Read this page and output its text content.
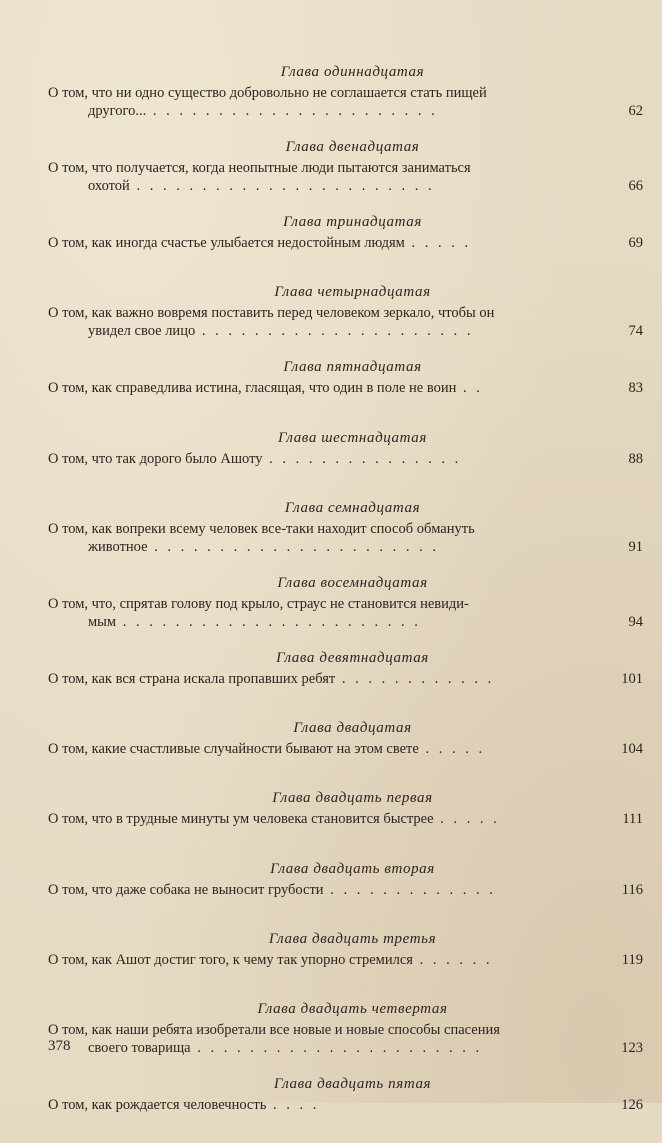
Глава одиннадцатая
О том, что ни одно существо добровольно не соглашается стать пищей
другого... . . . . . . . . . . . . . . . . . . . . . .	62
Глава двенадцатая
О том, что получается, когда неопытные люди пытаются заниматься
охотой . . . . . . . . . . . . . . . . . . . . . . .	66
Глава тринадцатая
О том, как иногда счастье улыбается недостойным людям . . . . .	69
Глава четырнадцатая
О том, как важно вовремя поставить перед человеком зеркало, чтобы он
увидел свое лицо . . . . . . . . . . . . . . . . . . . . .	74
Глава пятнадцатая
О том, как справедлива истина, гласящая, что один в поле не воин . .	83
Глава шестнадцатая
О том, что так дорого было Ашоту . . . . . . . . . . . . . . .	88
Глава семнадцатая
О том, как вопреки всему человек все-таки находит способ обмануть
животное . . . . . . . . . . . . . . . . . . . . . .	91
Глава восемнадцатая
О том, что, спрятав голову под крыло, страус не становится невиди-
мым . . . . . . . . . . . . . . . . . . . . . . .	94
Глава девятнадцатая
О том, как вся страна искала пропавших ребят . . . . . . . . . . . .	101
Глава двадцатая
О том, какие счастливые случайности бывают на этом свете . . . . .	104
Глава двадцать первая
О том, что в трудные минуты ум человека становится быстрее . . . . .	111
Глава двадцать вторая
О том, что даже собака не выносит грубости . . . . . . . . . . . . .	116
Глава двадцать третья
О том, как Ашот достиг того, к чему так упорно стремился . . . . . .	119
Глава двадцать четвертая
О том, как наши ребята изобретали все новые и новые способы спасения
своего товарища . . . . . . . . . . . . . . . . . . . . . .	123
Глава двадцать пятая
О том, как рождается человечность . . . .	126
378
